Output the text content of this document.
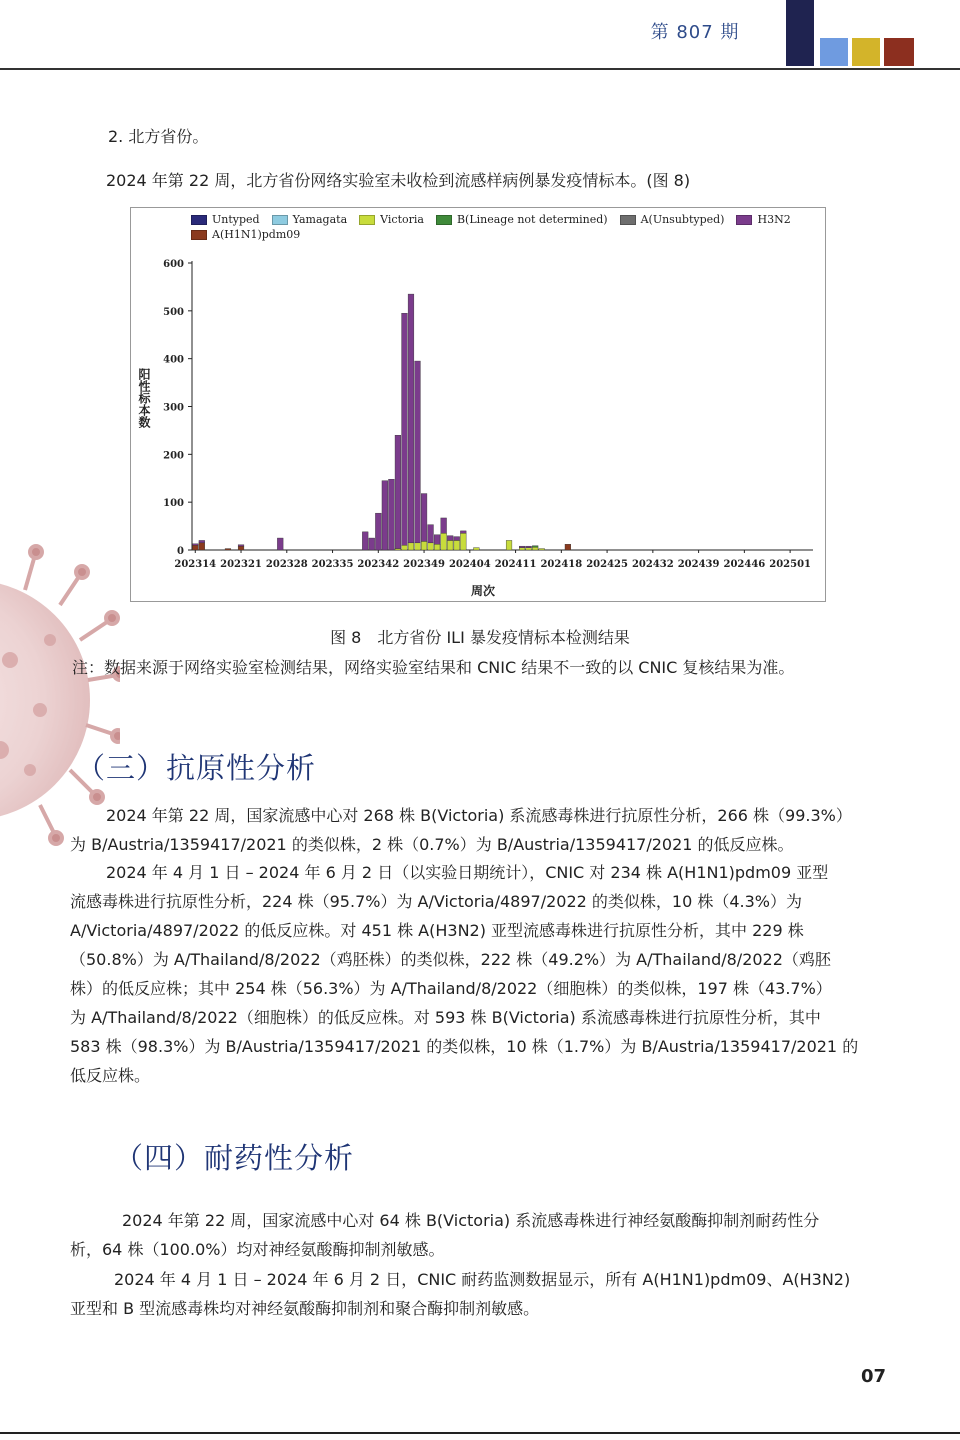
第 807 期
2. 北方省份。
2024 年第 22 周，北方省份网络实验室未收检到流感样病例暴发疫情标本。(图 8)
Untyped	Yamagata	Victoria	B(Lineage not determined)	A(Unsubtyped)	H3N2A(H1N1)pdm09
阳性标本数
0
100
200
300
400
500
600
202314 202321 202328 202335 202342 202349 202404 202411 202418 202425 202432 202439 202446 202501
周次
图 8　北方省份 ILI 暴发疫情标本检测结果
注：数据来源于网络实验室检测结果，网络实验室结果和 CNIC 结果不一致的以 CNIC 复核结果为准。
（三）抗原性分析
2024 年第 22 周，国家流感中心对 268 株 B(Victoria) 系流感毒株进行抗原性分析，266 株（99.3%）
为 B/Austria/1359417/2021 的类似株，2 株（0.7%）为 B/Austria/1359417/2021 的低反应株。
2024 年 4 月 1 日 – 2024 年 6 月 2 日（以实验日期统计），CNIC 对 234 株 A(H1N1)pdm09 亚型
流感毒株进行抗原性分析，224 株（95.7%）为 A/Victoria/4897/2022 的类似株，10 株（4.3%）为
A/Victoria/4897/2022 的低反应株。对 451 株 A(H3N2) 亚型流感毒株进行抗原性分析，其中 229 株
（50.8%）为 A/Thailand/8/2022（鸡胚株）的类似株，222 株（49.2%）为 A/Thailand/8/2022（鸡胚
株）的低反应株；其中 254 株（56.3%）为 A/Thailand/8/2022（细胞株）的类似株，197 株（43.7%）
为 A/Thailand/8/2022（细胞株）的低反应株。对 593 株 B(Victoria) 系流感毒株进行抗原性分析，其中
583 株（98.3%）为 B/Austria/1359417/2021 的类似株，10 株（1.7%）为 B/Austria/1359417/2021 的
低反应株。
（四）耐药性分析
2024 年第 22 周，国家流感中心对 64 株 B(Victoria) 系流感毒株进行神经氨酸酶抑制剂耐药性分
析，64 株（100.0%）均对神经氨酸酶抑制剂敏感。
2024 年 4 月 1 日 – 2024 年 6 月 2 日，CNIC 耐药监测数据显示，所有 A(H1N1)pdm09、A(H3N2)
亚型和 B 型流感毒株均对神经氨酸酶抑制剂和聚合酶抑制剂敏感。
07
